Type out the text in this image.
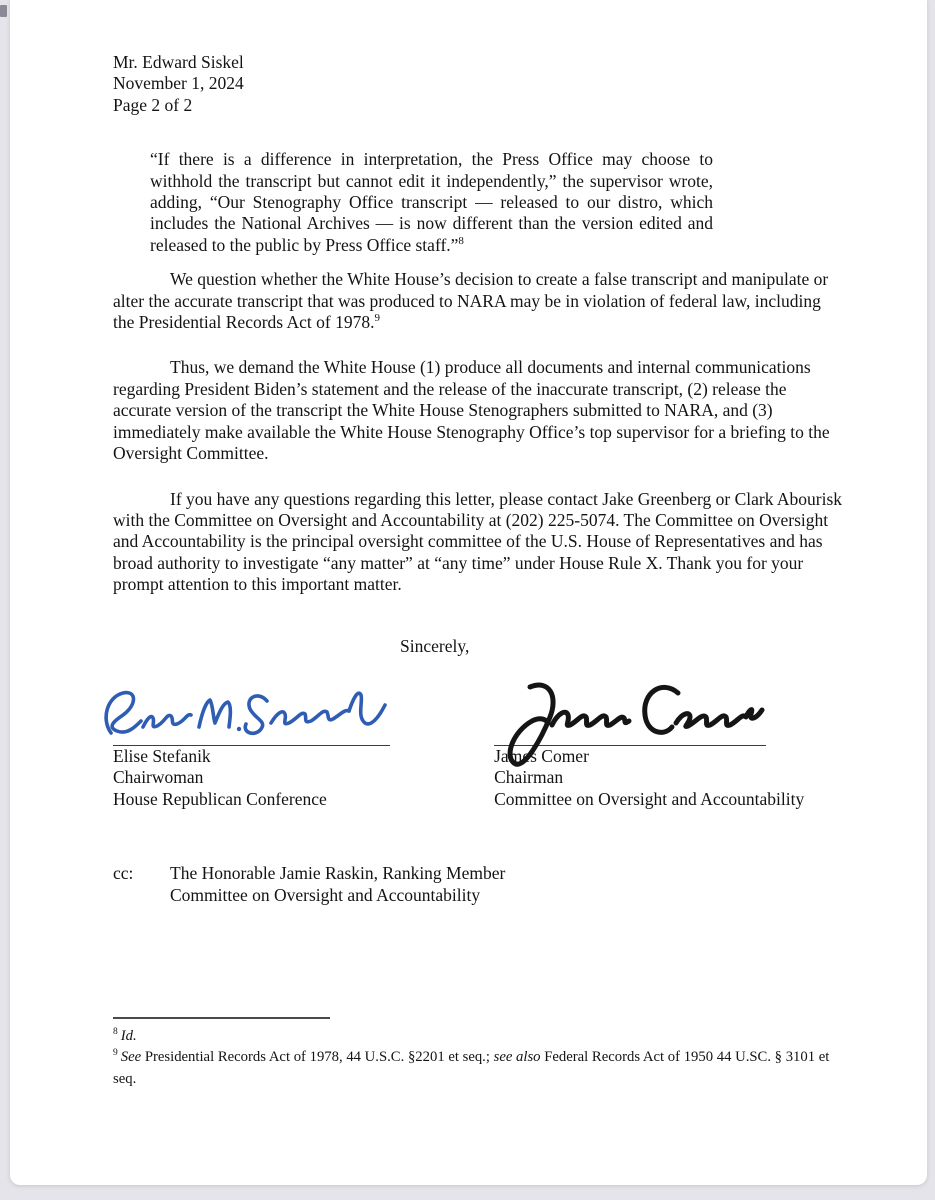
Mr. Edward Siskel
November 1, 2024
Page 2 of 2
“If there is a difference in interpretation, the Press Office may choose to withhold the transcript but cannot edit it independently,” the supervisor wrote, adding, “Our Stenography Office transcript — released to our distro, which includes the National Archives — is now different than the version edited and released to the public by Press Office staff.”$^8$
We question whether the White House’s decision to create a false transcript and manipulate or alter the accurate transcript that was produced to NARA may be in violation of federal law, including the Presidential Records Act of 1978.$^9$
Thus, we demand the White House (1) produce all documents and internal communications regarding President Biden’s statement and the release of the inaccurate transcript, (2) release the accurate version of the transcript the White House Stenographers submitted to NARA, and (3) immediately make available the White House Stenography Office’s top supervisor for a briefing to the Oversight Committee.
If you have any questions regarding this letter, please contact Jake Greenberg or Clark Abourisk with the Committee on Oversight and Accountability at (202) 225-5074. The Committee on Oversight and Accountability is the principal oversight committee of the U.S. House of Representatives and has broad authority to investigate “any matter” at “any time” under House Rule X. Thank you for your prompt attention to this important matter.
Sincerely,
Elise Stefanik
Chairwoman
House Republican Conference
James Comer
Chairman
Committee on Oversight and Accountability
cc:	The Honorable Jamie Raskin, Ranking Member
Committee on Oversight and Accountability
$^8$ Id.
$^9$ See Presidential Records Act of 1978, 44 U.S.C. §2201 et seq.; see also Federal Records Act of 1950 44 U.SC. § 3101 et seq.
